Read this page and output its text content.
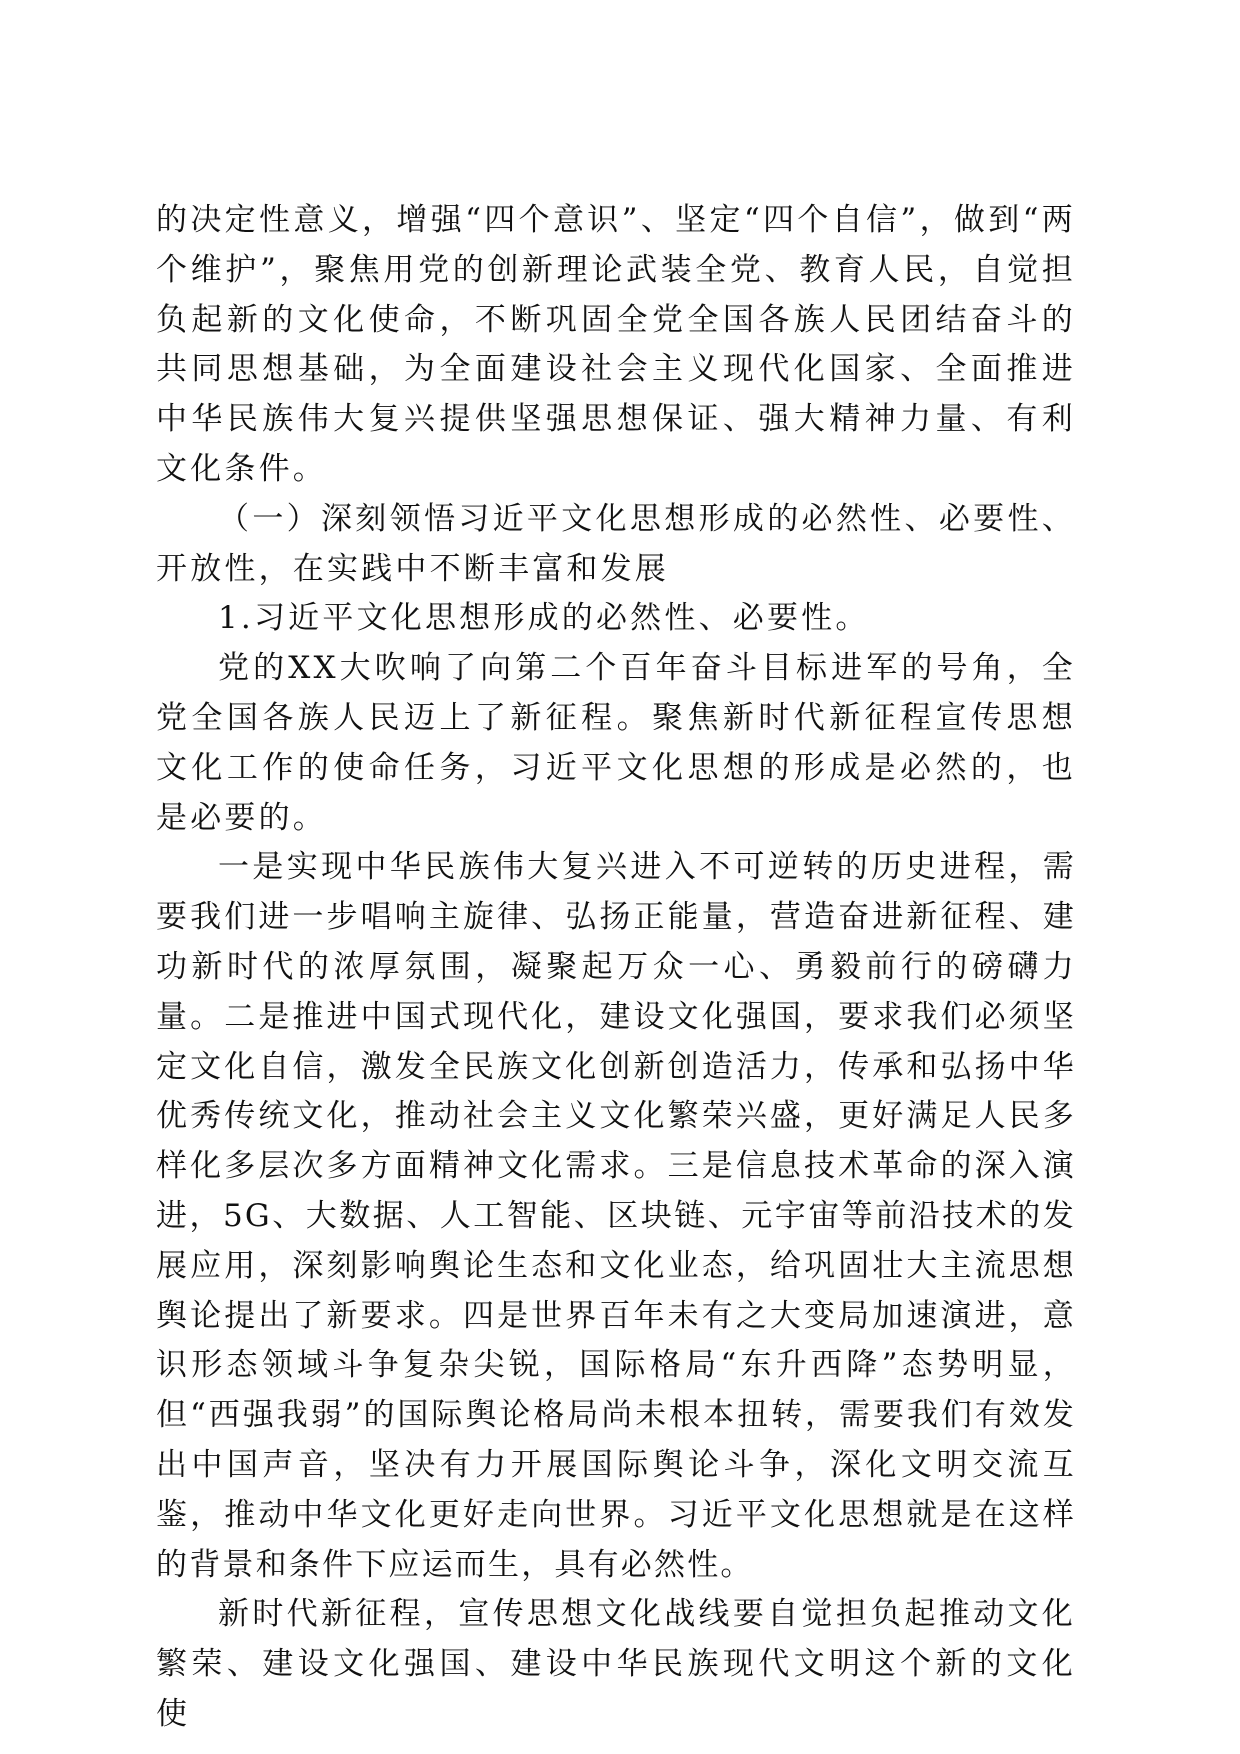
的决定性意义，增强“四个意识”、坚定“四个自信”，做到“两个维护”，聚焦用党的创新理论武装全党、教育人民，自觉担负起新的文化使命，不断巩固全党全国各族人民团结奋斗的共同思想基础，为全面建设社会主义现代化国家、全面推进中华民族伟大复兴提供坚强思想保证、强大精神力量、有利文化条件。

（一）深刻领悟习近平文化思想形成的必然性、必要性、开放性，在实践中不断丰富和发展

1.习近平文化思想形成的必然性、必要性。

党的XX大吹响了向第二个百年奋斗目标进军的号角，全党全国各族人民迈上了新征程。聚焦新时代新征程宣传思想文化工作的使命任务，习近平文化思想的形成是必然的，也是必要的。

一是实现中华民族伟大复兴进入不可逆转的历史进程，需要我们进一步唱响主旋律、弘扬正能量，营造奋进新征程、建功新时代的浓厚氛围，凝聚起万众一心、勇毅前行的磅礴力量。二是推进中国式现代化，建设文化强国，要求我们必须坚定文化自信，激发全民族文化创新创造活力，传承和弘扬中华优秀传统文化，推动社会主义文化繁荣兴盛，更好满足人民多样化多层次多方面精神文化需求。三是信息技术革命的深入演进，5G、大数据、人工智能、区块链、元宇宙等前沿技术的发展应用，深刻影响舆论生态和文化业态，给巩固壮大主流思想舆论提出了新要求。四是世界百年未有之大变局加速演进，意识形态领域斗争复杂尖锐，国际格局“东升西降”态势明显，但“西强我弱”的国际舆论格局尚未根本扭转，需要我们有效发出中国声音，坚决有力开展国际舆论斗争，深化文明交流互鉴，推动中华文化更好走向世界。习近平文化思想就是在这样的背景和条件下应运而生，具有必然性。

新时代新征程，宣传思想文化战线要自觉担负起推动文化繁荣、建设文化强国、建设中华民族现代文明这个新的文化使
